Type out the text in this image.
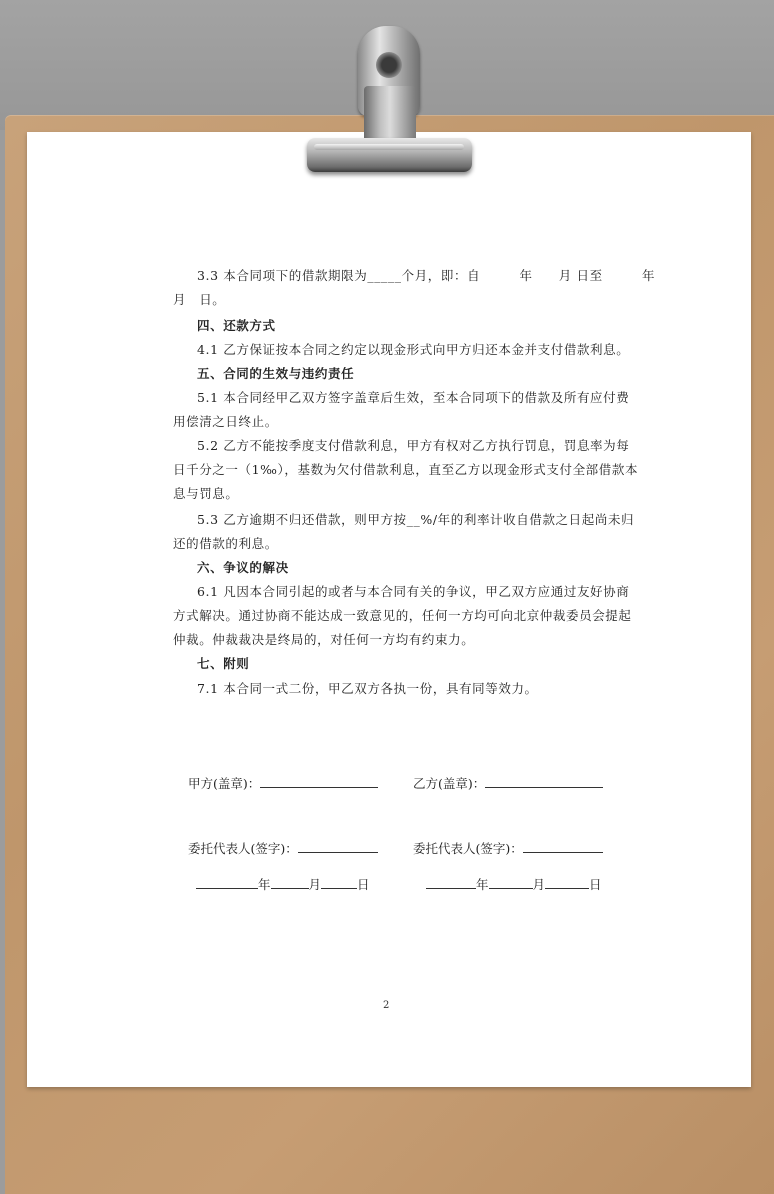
3.3 本合同项下的借款期限为_____个月，即：自　　　年　　月 日至　　　年
月　日。
四、还款方式
4.1 乙方保证按本合同之约定以现金形式向甲方归还本金并支付借款利息。
五、合同的生效与违约责任
5.1 本合同经甲乙双方签字盖章后生效，至本合同项下的借款及所有应付费
用偿清之日终止。
5.2 乙方不能按季度支付借款利息，甲方有权对乙方执行罚息，罚息率为每
日千分之一（1‰），基数为欠付借款利息，直至乙方以现金形式支付全部借款本
息与罚息。
5.3 乙方逾期不归还借款，则甲方按__%/年的利率计收自借款之日起尚未归
还的借款的利息。
六、争议的解决
6.1 凡因本合同引起的或者与本合同有关的争议，甲乙双方应通过友好协商
方式解决。通过协商不能达成一致意见的，任何一方均可向北京仲裁委员会提起
仲裁。仲裁裁决是终局的，对任何一方均有约束力。
七、附则
7.1 本合同一式二份，甲乙双方各执一份，具有同等效力。
甲方(盖章)：	乙方(盖章)：
委托代表人(签字)：	委托代表人(签字)：
年	月	日	年	月	日
2
